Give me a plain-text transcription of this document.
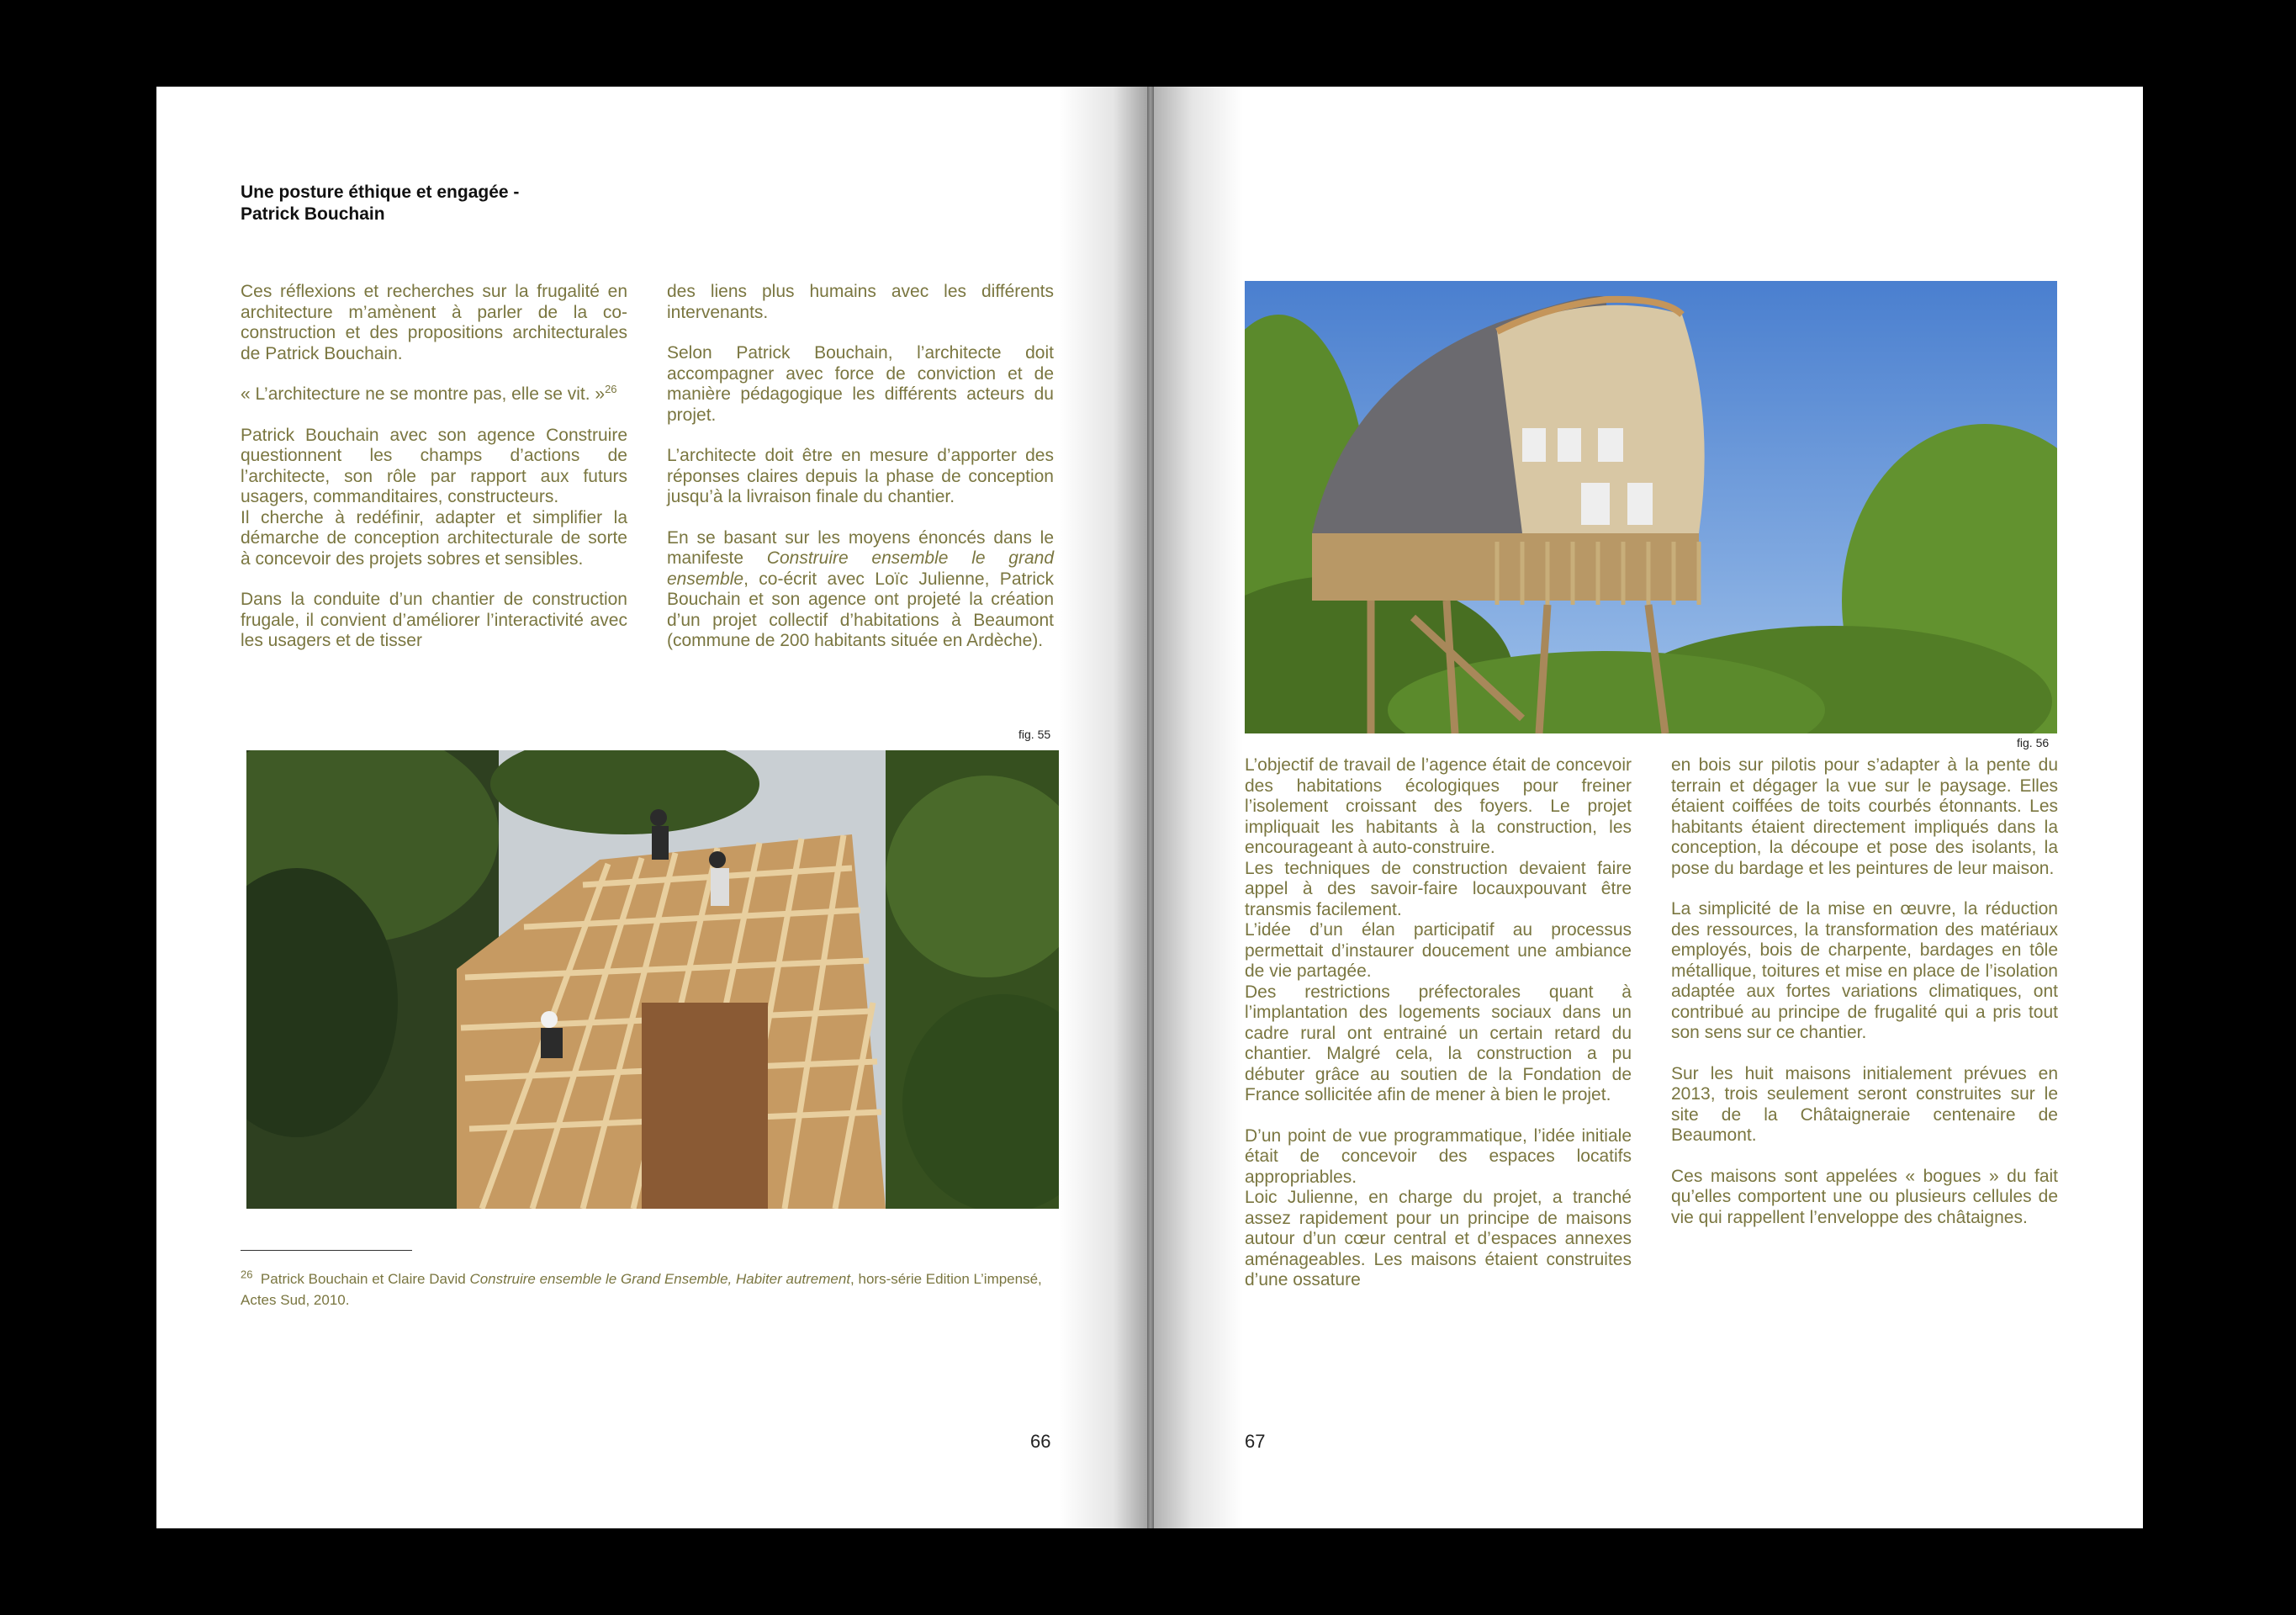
Une posture éthique et engagée -
Patrick Bouchain

Ces réflexions et recherches sur la frugalité en architecture m’amènent à parler de la co-construction et des propositions architecturales de Patrick Bouchain.

« L’architecture ne se montre pas, elle se vit. »$^{26}$

Patrick Bouchain avec son agence Construire questionnent les champs d’actions de l’architecte, son rôle par rapport aux futurs usagers, commanditaires, constructeurs.

Il cherche à redéfinir, adapter et simplifier la démarche de conception architecturale de sorte à concevoir des projets sobres et sensibles.

Dans la conduite d’un chantier de construction frugale, il convient d’améliorer l’interactivité avec les usagers et de tisser

des liens plus humains avec les différents intervenants.

Selon Patrick Bouchain, l’architecte doit accompagner avec force de conviction et de manière pédagogique les différents acteurs du projet.

L’architecte doit être en mesure d’apporter des réponses claires depuis la phase de conception jusqu’à la livraison finale du chantier.

En se basant sur les moyens énoncés dans le manifeste Construire ensemble le grand ensemble, co-écrit avec Loïc Julienne, Patrick Bouchain et son agence ont projeté la création d’un projet collectif d’habitations à Beaumont (commune de 200 habitants située en Ardèche).

fig. 55
$^{26}$ Patrick Bouchain et Claire David Construire ensemble le Grand Ensemble, Habiter autrement, hors-série Edition L’impensé, Actes Sud, 2010.
66
fig. 56

L’objectif de travail de l’agence était de concevoir des habitations écologiques pour freiner l’isolement croissant des foyers. Le projet impliquait les habitants à la construction, les encourageant à auto-construire.

Les techniques de construction devaient faire appel à des savoir-faire locauxpouvant être transmis facilement.

L’idée d’un élan participatif au processus permettait d’instaurer doucement une ambiance de vie partagée.

Des restrictions préfectorales quant à l’implantation des logements sociaux dans un cadre rural ont entrainé un certain retard du chantier. Malgré cela, la construction a pu débuter grâce au soutien de la Fondation de France sollicitée afin de mener à bien le projet.

D’un point de vue programmatique, l’idée initiale était de concevoir des espaces locatifs appropriables.

Loic Julienne, en charge du projet, a tranché assez rapidement pour un principe de maisons autour d’un cœur central et d’espaces annexes aménageables. Les maisons étaient construites d’une ossature

en bois sur pilotis pour s’adapter à la pente du terrain et dégager la vue sur le paysage. Elles étaient coiffées de toits courbés étonnants. Les habitants étaient directement impliqués dans la conception, la découpe et pose des isolants, la pose du bardage et les peintures de leur maison.

La simplicité de la mise en œuvre, la réduction des ressources, la transformation des matériaux employés, bois de charpente, bardages en tôle métallique, toitures et mise en place de l’isolation adaptée aux fortes variations climatiques, ont contribué au principe de frugalité qui a pris tout son sens sur ce chantier.

Sur les huit maisons initialement prévues en 2013, trois seulement seront construites sur le site de la Châtaigneraie centenaire de Beaumont.

Ces maisons sont appelées « bogues » du fait qu’elles comportent une ou plusieurs cellules de vie qui rappellent l’enveloppe des châtaignes.

67
